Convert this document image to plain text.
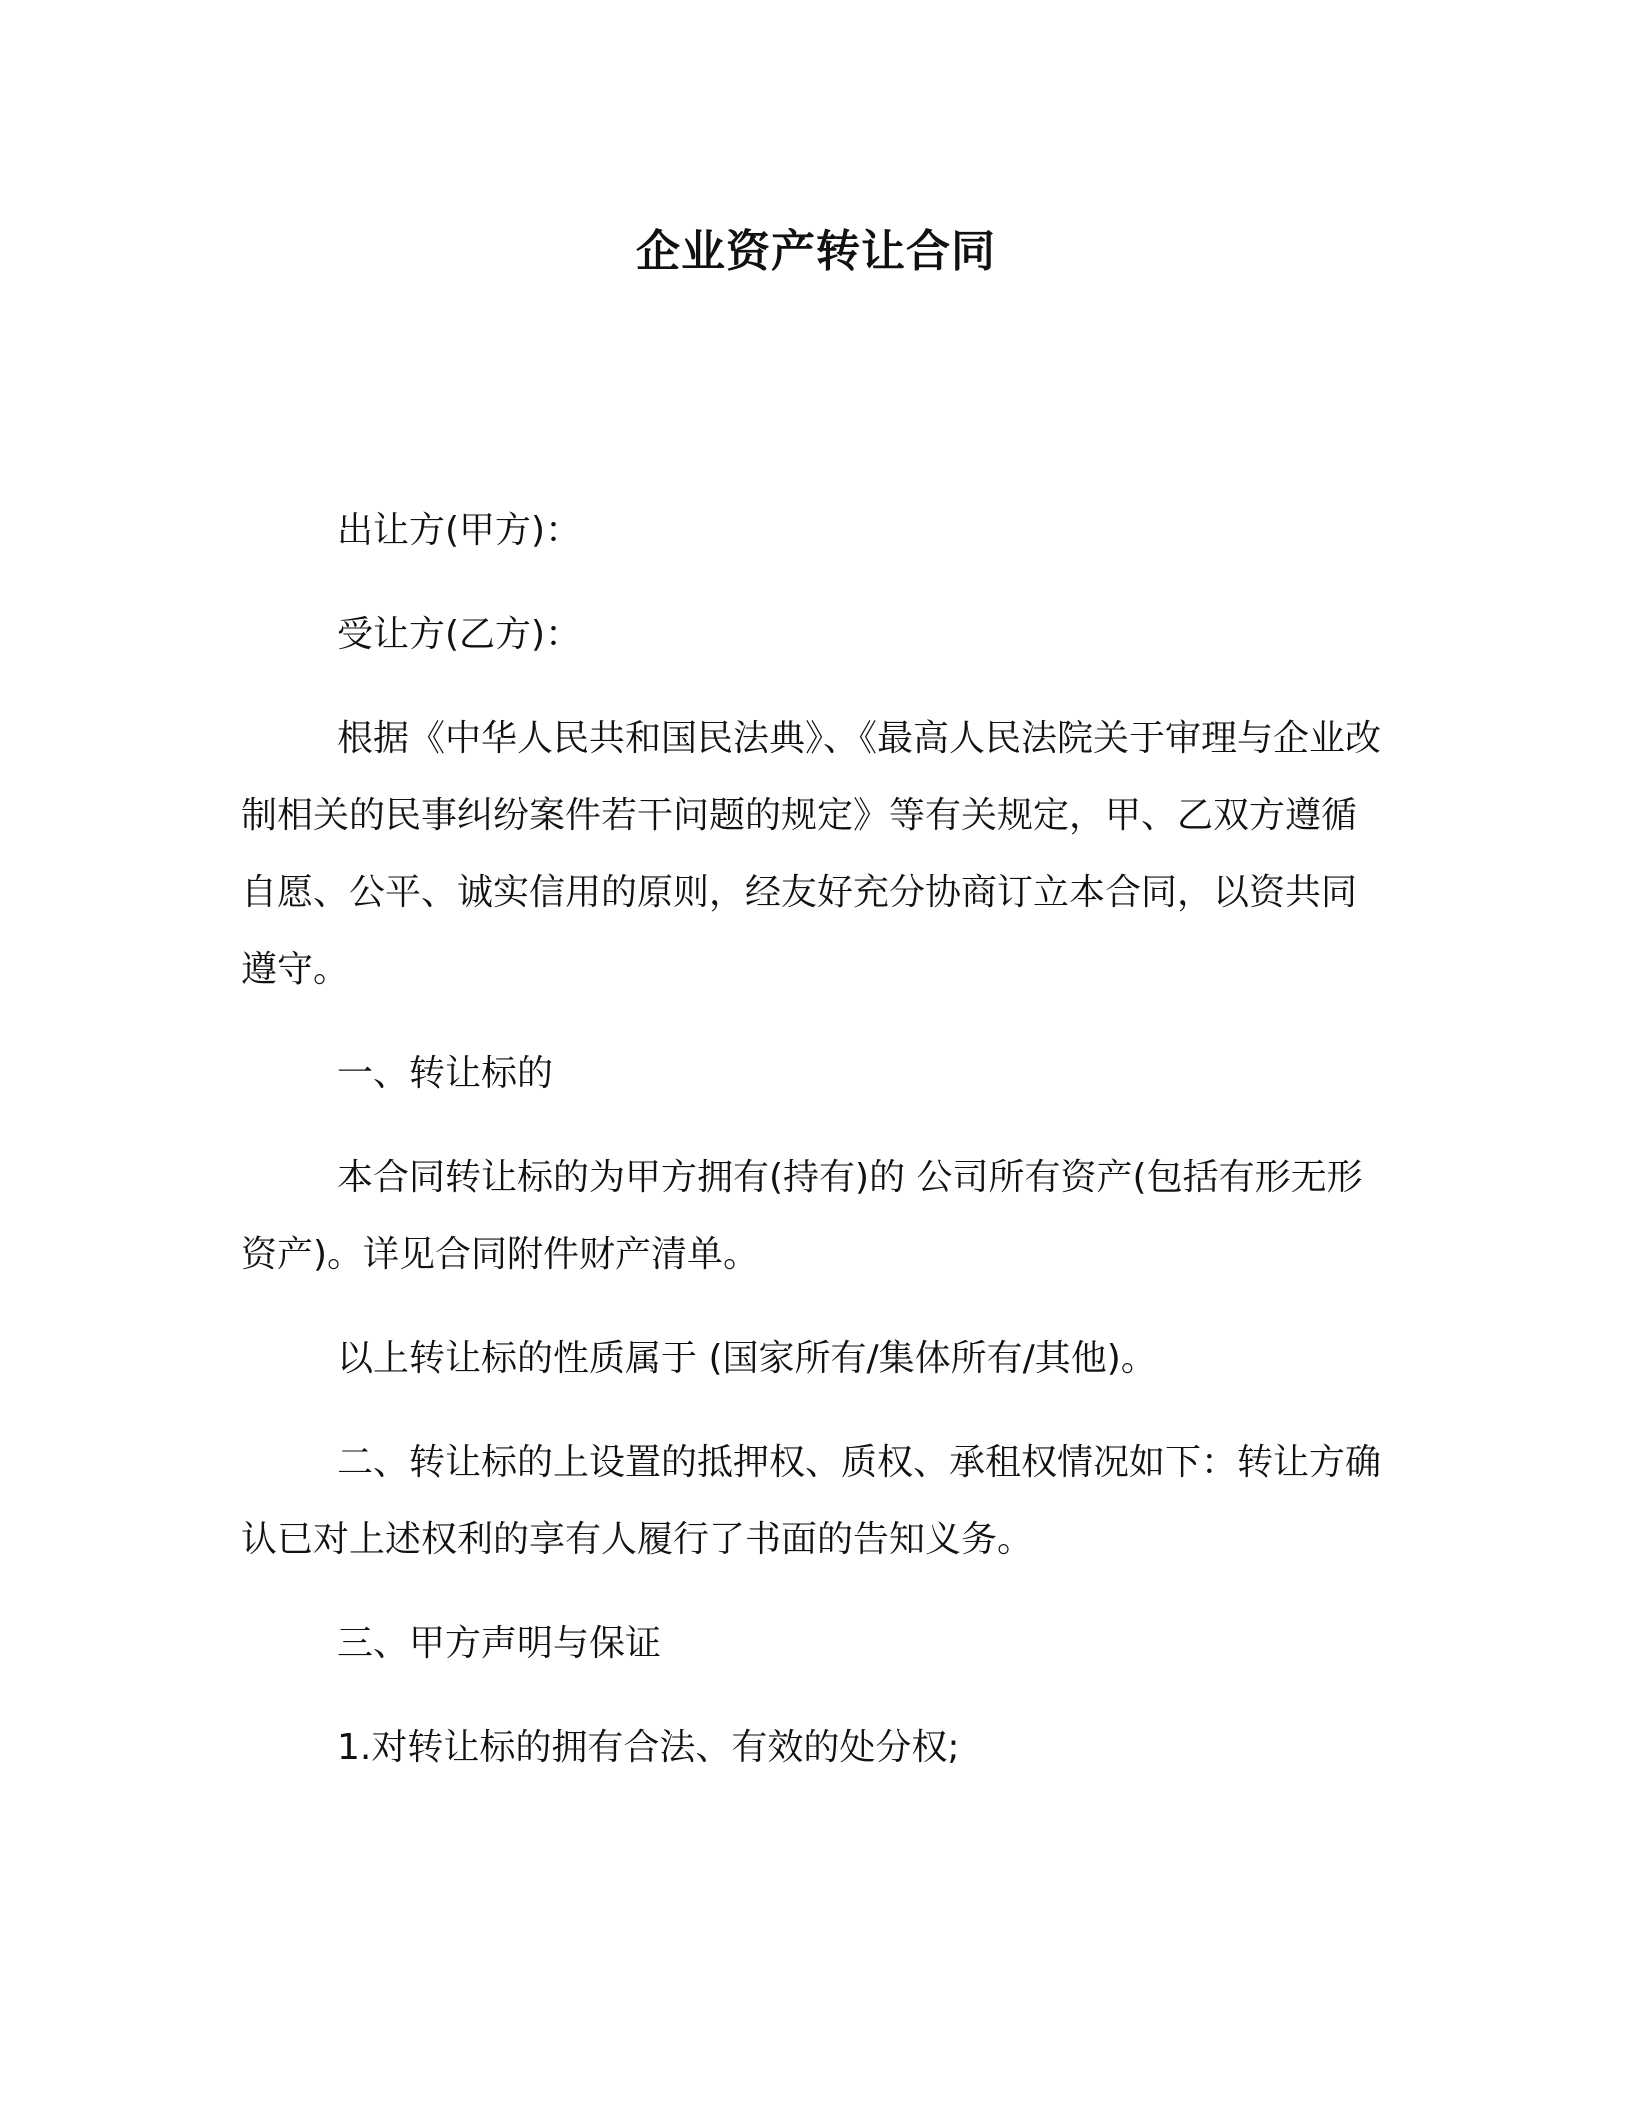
企业资产转让合同

出让方(甲方)：

受让方(乙方)：

根据《中华人民共和国民法典》、《最高人民法院关于审理与企业改制相关的民事纠纷案件若干问题的规定》等有关规定，甲、乙双方遵循自愿、公平、诚实信用的原则，经友好充分协商订立本合同，以资共同遵守。

一、转让标的

本合同转让标的为甲方拥有(持有)的 公司所有资产(包括有形无形资产)。详见合同附件财产清单。

以上转让标的性质属于 (国家所有/集体所有/其他)。

二、转让标的上设置的抵押权、质权、承租权情况如下：转让方确认已对上述权利的享有人履行了书面的告知义务。

三、甲方声明与保证

1.对转让标的拥有合法、有效的处分权;
